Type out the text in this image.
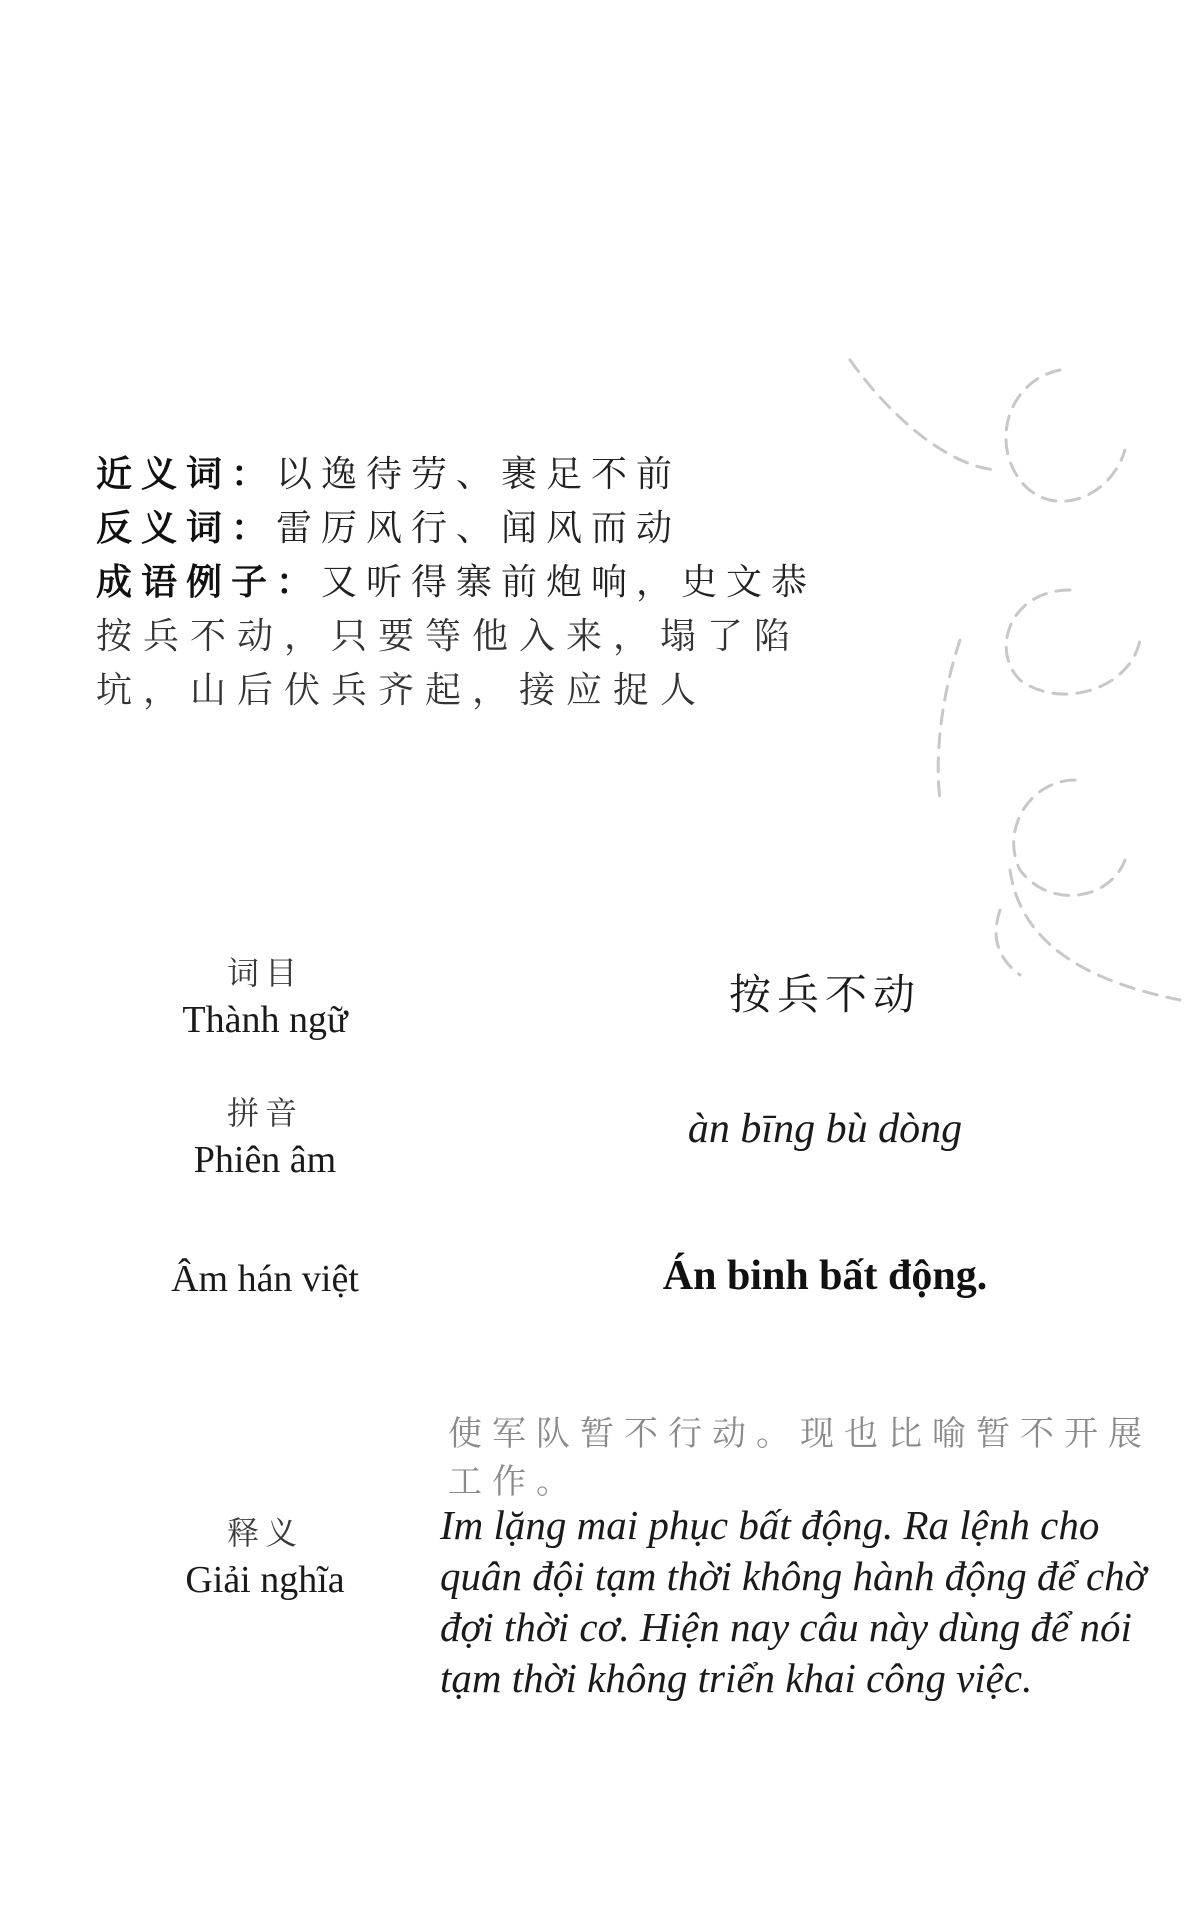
近义词：以逸待劳、裹足不前
反义词：雷厉风行、闻风而动
成语例子：又听得寨前炮响，史文恭
按兵不动，只要等他入来，塌了陷
坑，山后伏兵齐起，接应捉人
词目
Thành ngữ
按兵不动
拼音
Phiên âm
àn bīng bù dòng
Âm hán việt	Án binh bất động.
释义
Giải nghĩa
使军队暂不行动。现也比喻暂不开展工作。
Im lặng mai phục bất động. Ra lệnh cho quân đội tạm thời không hành động để chờ đợi thời cơ. Hiện nay câu này dùng để nói tạm thời không triển khai công việc.
